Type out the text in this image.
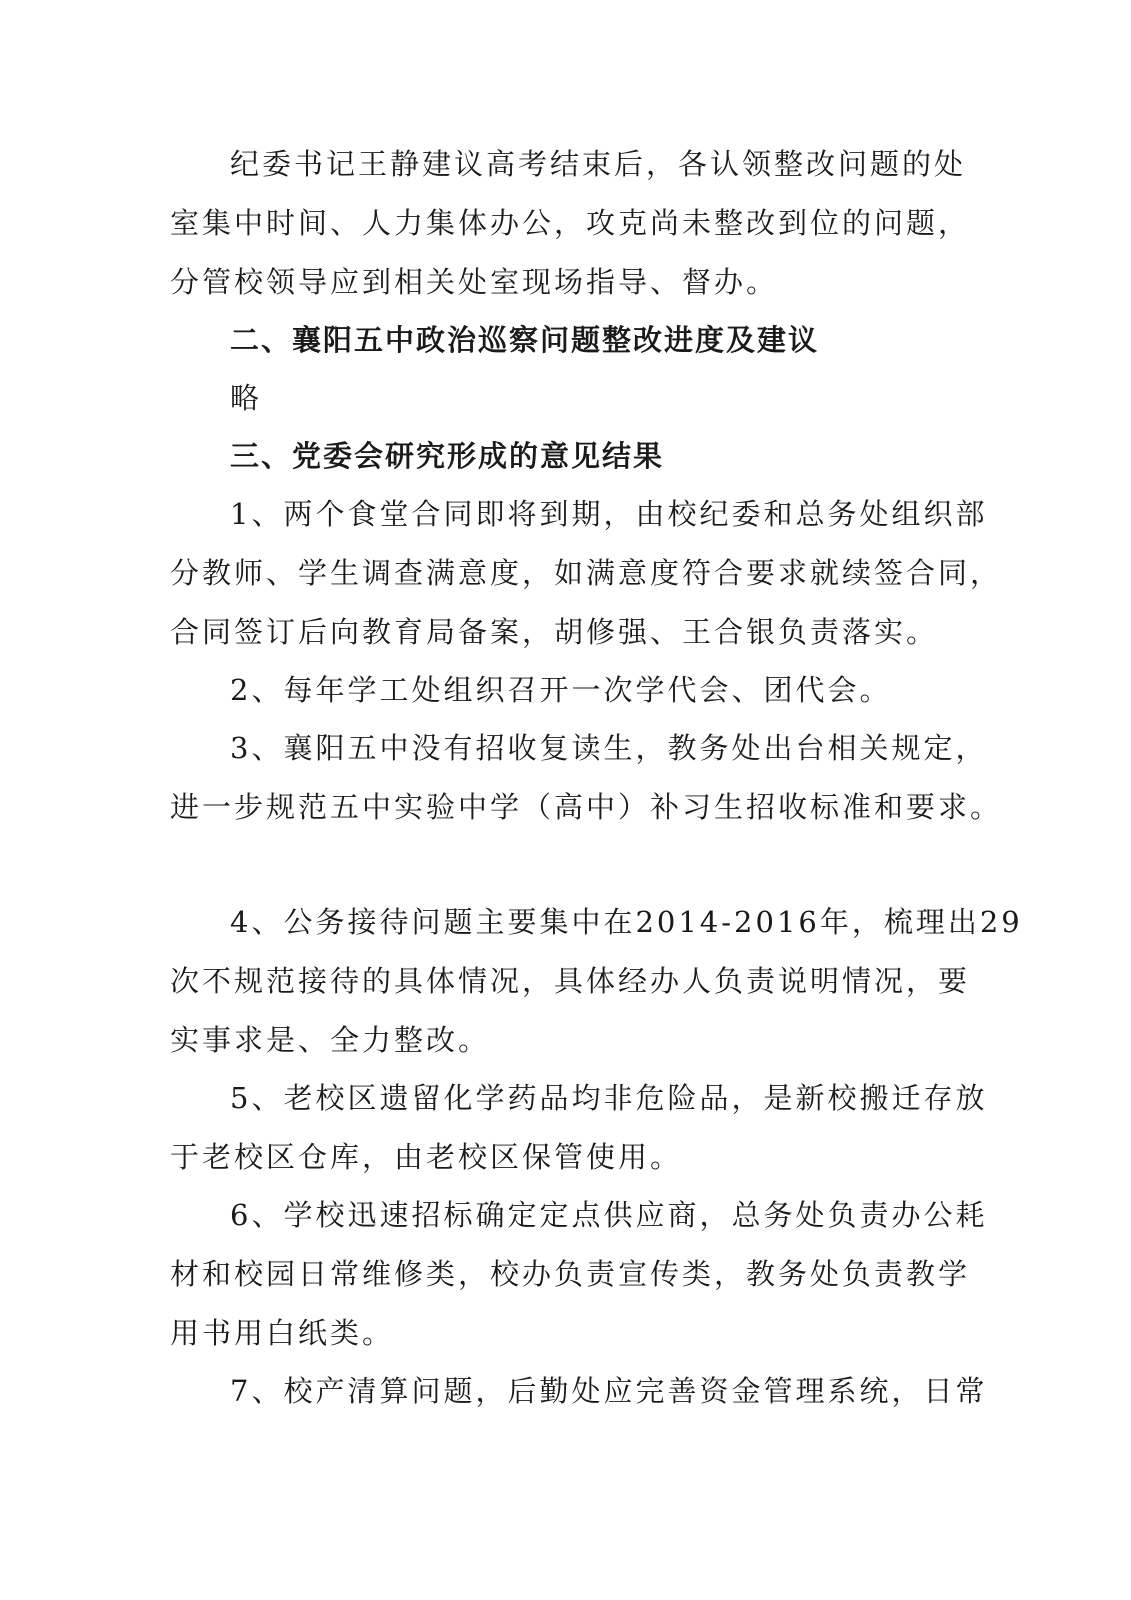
纪委书记王静建议高考结束后，各认领整改问题的处
室集中时间、人力集体办公，攻克尚未整改到位的问题，
分管校领导应到相关处室现场指导、督办。
二、襄阳五中政治巡察问题整改进度及建议
略
三、党委会研究形成的意见结果
1、两个食堂合同即将到期，由校纪委和总务处组织部
分教师、学生调查满意度，如满意度符合要求就续签合同，
合同签订后向教育局备案，胡修强、王合银负责落实。
2、每年学工处组织召开一次学代会、团代会。
3、襄阳五中没有招收复读生，教务处出台相关规定，
进一步规范五中实验中学（高中）补习生招收标准和要求。
4、公务接待问题主要集中在2014-2016年，梳理出29
次不规范接待的具体情况，具体经办人负责说明情况，要
实事求是、全力整改。
5、老校区遗留化学药品均非危险品，是新校搬迁存放
于老校区仓库，由老校区保管使用。
6、学校迅速招标确定定点供应商，总务处负责办公耗
材和校园日常维修类，校办负责宣传类，教务处负责教学
用书用白纸类。
7、校产清算问题，后勤处应完善资金管理系统，日常
